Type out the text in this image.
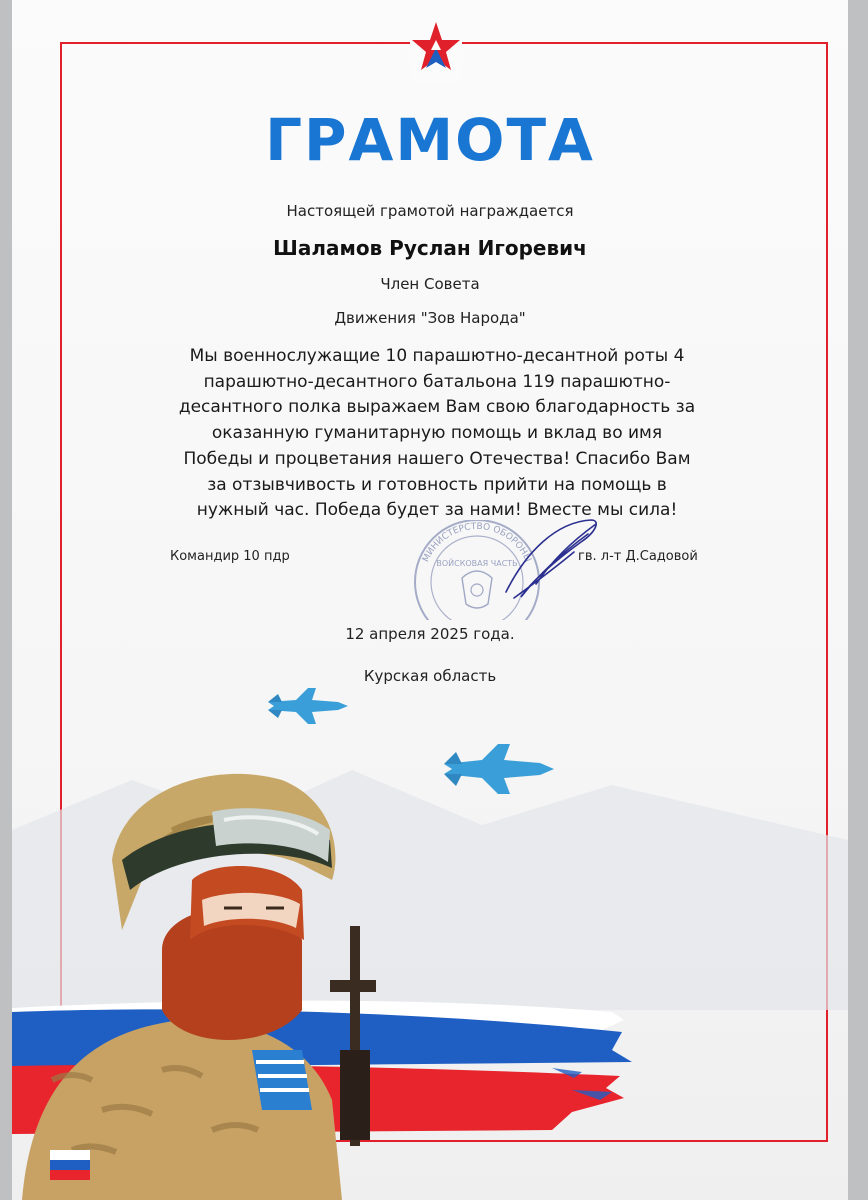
ГРАМОТА
Настоящей грамотой награждается
Шаламов Руслан Игоревич
Член Совета
Движения "Зов Народа"
Мы военнослужащие 10 парашютно-десантной роты 4 парашютно-десантного батальона 119 парашютно-десантного полка выражаем Вам свою благодарность за оказанную гуманитарную помощь и вклад во имя Победы и процветания нашего Отечества! Спасибо Вам за отзывчивость и готовность прийти на помощь в нужный час. Победа будет за нами! Вместе мы сила!
МИНИСТЕРСТВО ОБОРОНЫ
ВОЙСКОВАЯ ЧАСТЬ
Командир 10 пдр	гв. л-т Д.Садовой
12 апреля 2025 года.
Курская область
